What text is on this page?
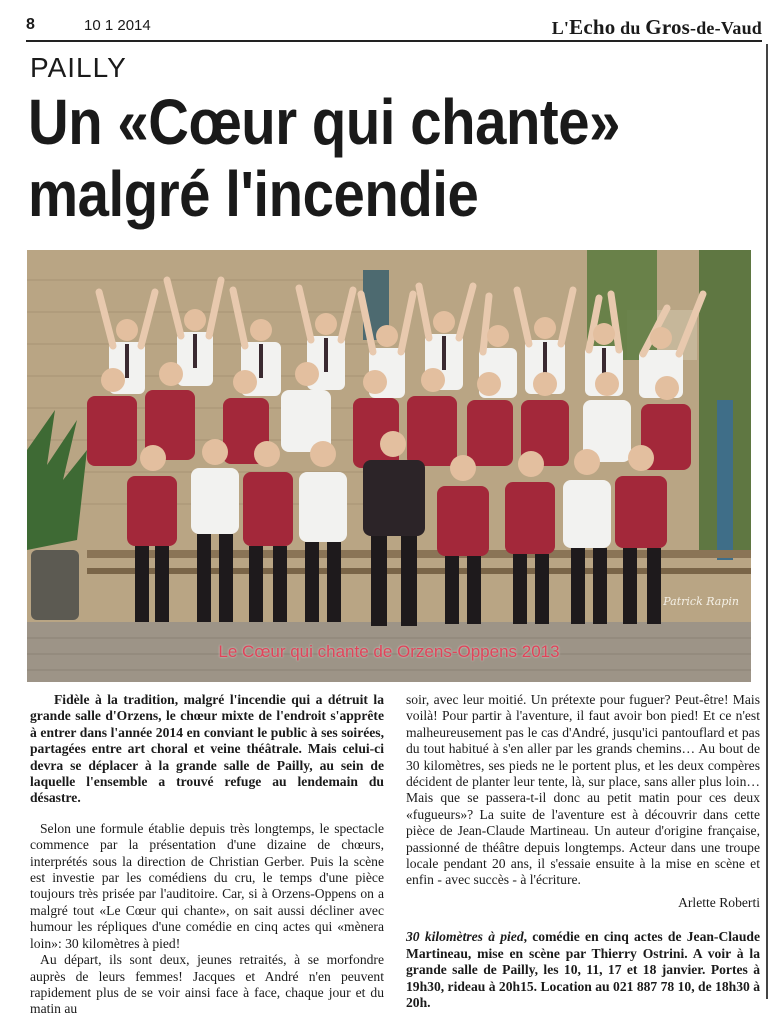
8	10 1 2014	L'Echo du Gros-de-Vaud
PAILLY
Un «Cœur qui chante»
malgré l'incendie
Patrick Rapin
Le Cœur qui chante de Orzens-Oppens 2013

Fidèle à la tradition, malgré l'incendie qui a détruit la grande salle d'Orzens, le chœur mixte de l'endroit s'apprête à entrer dans l'année 2014 en conviant le public à ses soirées, partagées entre art choral et veine théâtrale. Mais celui-ci devra se déplacer à la grande salle de Pailly, au sein de laquelle l'ensemble a trouvé refuge au lendemain du désastre.

Selon une formule établie depuis très longtemps, le spectacle commence par la présentation d'une dizaine de chœurs, interprétés sous la direction de Christian Gerber. Puis la scène est investie par les comédiens du cru, le temps d'une pièce toujours très prisée par l'auditoire. Car, si à Orzens-Oppens on a malgré tout «Le Cœur qui chante», on sait aussi décliner avec humour les répliques d'une comédie en cinq actes qui «mènera loin»: 30 kilomètres à pied!

Au départ, ils sont deux, jeunes retraités, à se morfondre auprès de leurs femmes! Jacques et André n'en peuvent rapidement plus de se voir ainsi face à face, chaque jour et du matin au

soir, avec leur moitié. Un prétexte pour fuguer? Peut-être! Mais voilà! Pour partir à l'aventure, il faut avoir bon pied! Et ce n'est malheureusement pas le cas d'André, jusqu'ici pantouflard et pas du tout habitué à s'en aller par les grands chemins… Au bout de 30 kilomètres, ses pieds ne le portent plus, et les deux compères décident de planter leur tente, là, sur place, sans aller plus loin… Mais que se passera-t-il donc au petit matin pour ces deux «fugueurs»? La suite de l'aventure est à découvrir dans cette pièce de Jean-Claude Martineau. Un auteur d'origine française, passionné de théâtre depuis longtemps. Acteur dans une troupe locale pendant 20 ans, il s'essaie ensuite à la mise en scène et enfin - avec succès - à l'écriture.

Arlette Roberti

30 kilomètres à pied, comédie en cinq actes de Jean-Claude Martineau, mise en scène par Thierry Ostrini. A voir à la grande salle de Pailly, les 10, 11, 17 et 18 janvier. Portes à 19h30, rideau à 20h15. Location au 021 887 78 10, de 18h30 à 20h.
